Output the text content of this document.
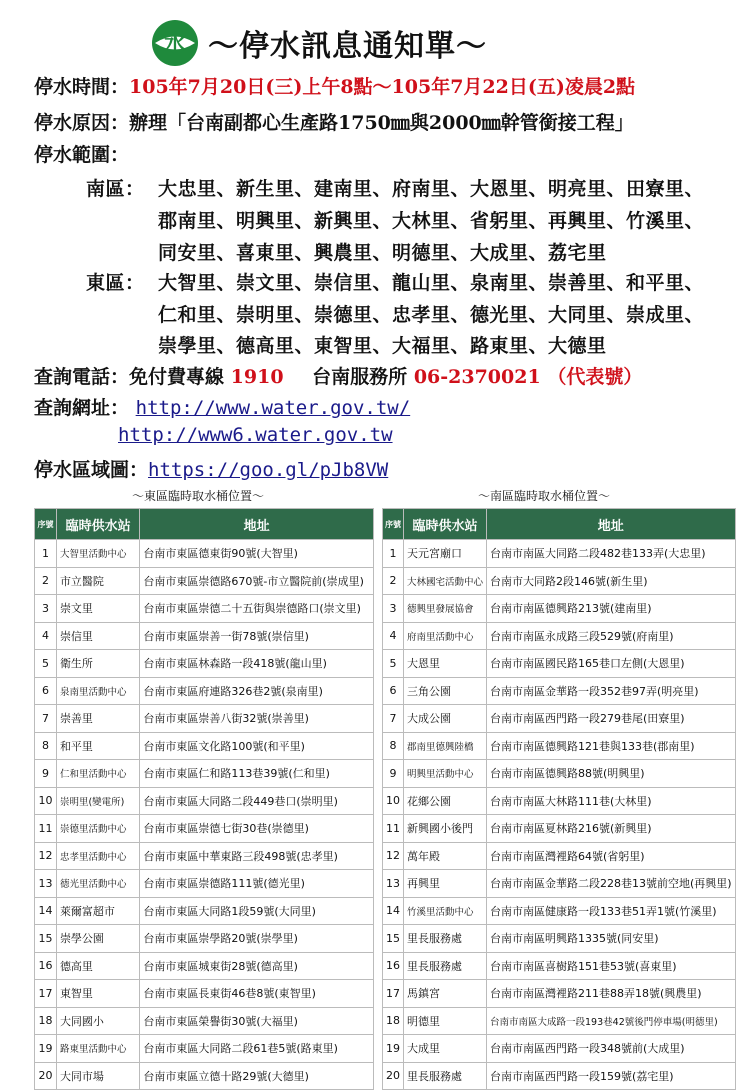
水 ～停水訊息通知單～
停水時間：105年7月20日(三)上午8點～105年7月22日(五)凌晨2點
停水原因：辦理「台南副都心生產路1750㎜與2000㎜幹管銜接工程」
停水範圍：
南區： 大忠里、新生里、建南里、府南里、大恩里、明亮里、田寮里、
郡南里、明興里、新興里、大林里、省躬里、再興里、竹溪里、
同安里、喜東里、興農里、明德里、大成里、荔宅里
東區： 大智里、崇文里、崇信里、龍山里、泉南里、崇善里、和平里、
仁和里、崇明里、崇德里、忠孝里、德光里、大同里、崇成里、
崇學里、德高里、東智里、大福里、路東里、大德里
查詢電話：免付費專線 1910 台南服務所 06-2370021 （代表號）
查詢網址： http://www.water.gov.tw/
http://www6.water.gov.tw
停水區域圖：https://goo.gl/pJb8VW
～東區臨時取水桶位置～	～南區臨時取水桶位置～
序號	臨時供水站	地址
1	大智里活動中心	台南市東區德東街90號(大智里)
2	市立醫院	台南市東區崇德路670號-市立醫院前(崇成里)
3	崇文里	台南市東區崇德二十五街與崇德路口(崇文里)
4	崇信里	台南市東區崇善一街78號(崇信里)
5	衛生所	台南市東區林森路一段418號(龍山里)
6	泉南里活動中心	台南市東區府連路326巷2號(泉南里)
7	崇善里	台南市東區崇善八街32號(崇善里)
8	和平里	台南市東區文化路100號(和平里)
9	仁和里活動中心	台南市東區仁和路113巷39號(仁和里)
10	崇明里(變電所)	台南市東區大同路二段449巷口(崇明里)
11	崇德里活動中心	台南市東區崇德七街30巷(崇德里)
12	忠孝里活動中心	台南市東區中華東路三段498號(忠孝里)
13	德光里活動中心	台南市東區崇德路111號(德光里)
14	萊爾富超市	台南市東區大同路1段59號(大同里)
15	崇學公園	台南市東區崇學路20號(崇學里)
16	德高里	台南市東區城東街28號(德高里)
17	東智里	台南市東區長東街46巷8號(東智里)
18	大同國小	台南市東區榮譽街30號(大福里)
19	路東里活動中心	台南市東區大同路二段61巷5號(路東里)
20	大同市場	台南市東區立德十路29號(大德里)
序號	臨時供水站	地址
1	天元宮廟口	台南市南區大同路二段482巷133弄(大忠里)
2	大林國宅活動中心	台南市大同路2段146號(新生里)
3	德興里發展協會	台南市南區德興路213號(建南里)
4	府南里活動中心	台南市南區永成路三段529號(府南里)
5	大恩里	台南市南區國民路165巷口左側(大恩里)
6	三角公園	台南市南區金華路一段352巷97弄(明亮里)
7	大成公園	台南市南區西門路一段279巷尾(田寮里)
8	郡南里德興陸橋	台南市南區德興路121巷與133巷(郡南里)
9	明興里活動中心	台南市南區德興路88號(明興里)
10	花鄉公園	台南市南區大林路111巷(大林里)
11	新興國小後門	台南市南區夏林路216號(新興里)
12	萬年殿	台南市南區灣裡路64號(省躬里)
13	再興里	台南市南區金華路二段228巷13號前空地(再興里)
14	竹溪里活動中心	台南市南區健康路一段133巷51弄1號(竹溪里)
15	里長服務處	台南市南區明興路1335號(同安里)
16	里長服務處	台南市南區喜樹路151巷53號(喜東里)
17	馬鎮宮	台南市南區灣裡路211巷88弄18號(興農里)
18	明德里	台南市南區大成路一段193巷42號後門停車場(明德里)
19	大成里	台南市南區西門路一段348號前(大成里)
20	里長服務處	台南市南區西門路一段159號(荔宅里)
